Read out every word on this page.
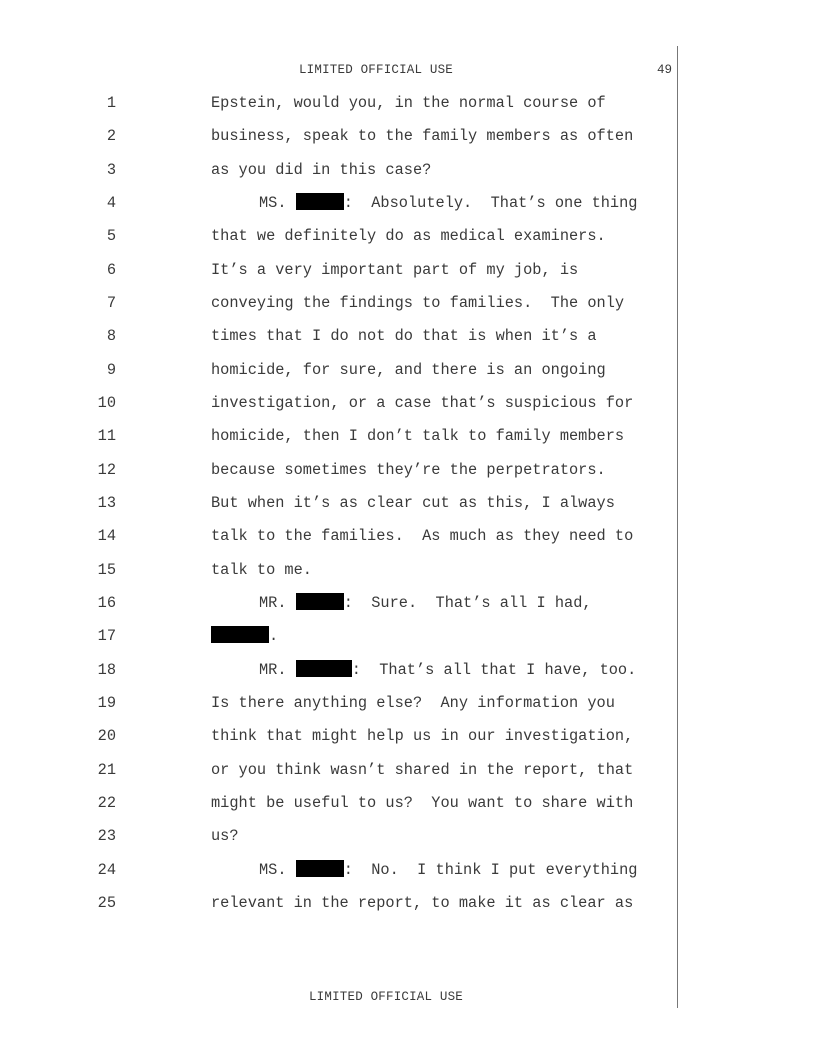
LIMITED OFFICIAL USE	49
1	Epstein, would you, in the normal course of
2	business, speak to the family members as often
3	as you did in this case?
4	MS.	:  Absolutely.  That’s one thing
5	that we definitely do as medical examiners.
6	It’s a very important part of my job, is
7	conveying the findings to families.  The only
8	times that I do not do that is when it’s a
9	homicide, for sure, and there is an ongoing
10	investigation, or a case that’s suspicious for
11	homicide, then I don’t talk to family members
12	because sometimes they’re the perpetrators.
13	But when it’s as clear cut as this, I always
14	talk to the families.  As much as they need to
15	talk to me.
16	MR.	:  Sure.  That’s all I had,
17	.
18	MR.	:  That’s all that I have, too.
19	Is there anything else?  Any information you
20	think that might help us in our investigation,
21	or you think wasn’t shared in the report, that
22	might be useful to us?  You want to share with
23	us?
24	MS.	:  No.  I think I put everything
25	relevant in the report, to make it as clear as
LIMITED OFFICIAL USE
